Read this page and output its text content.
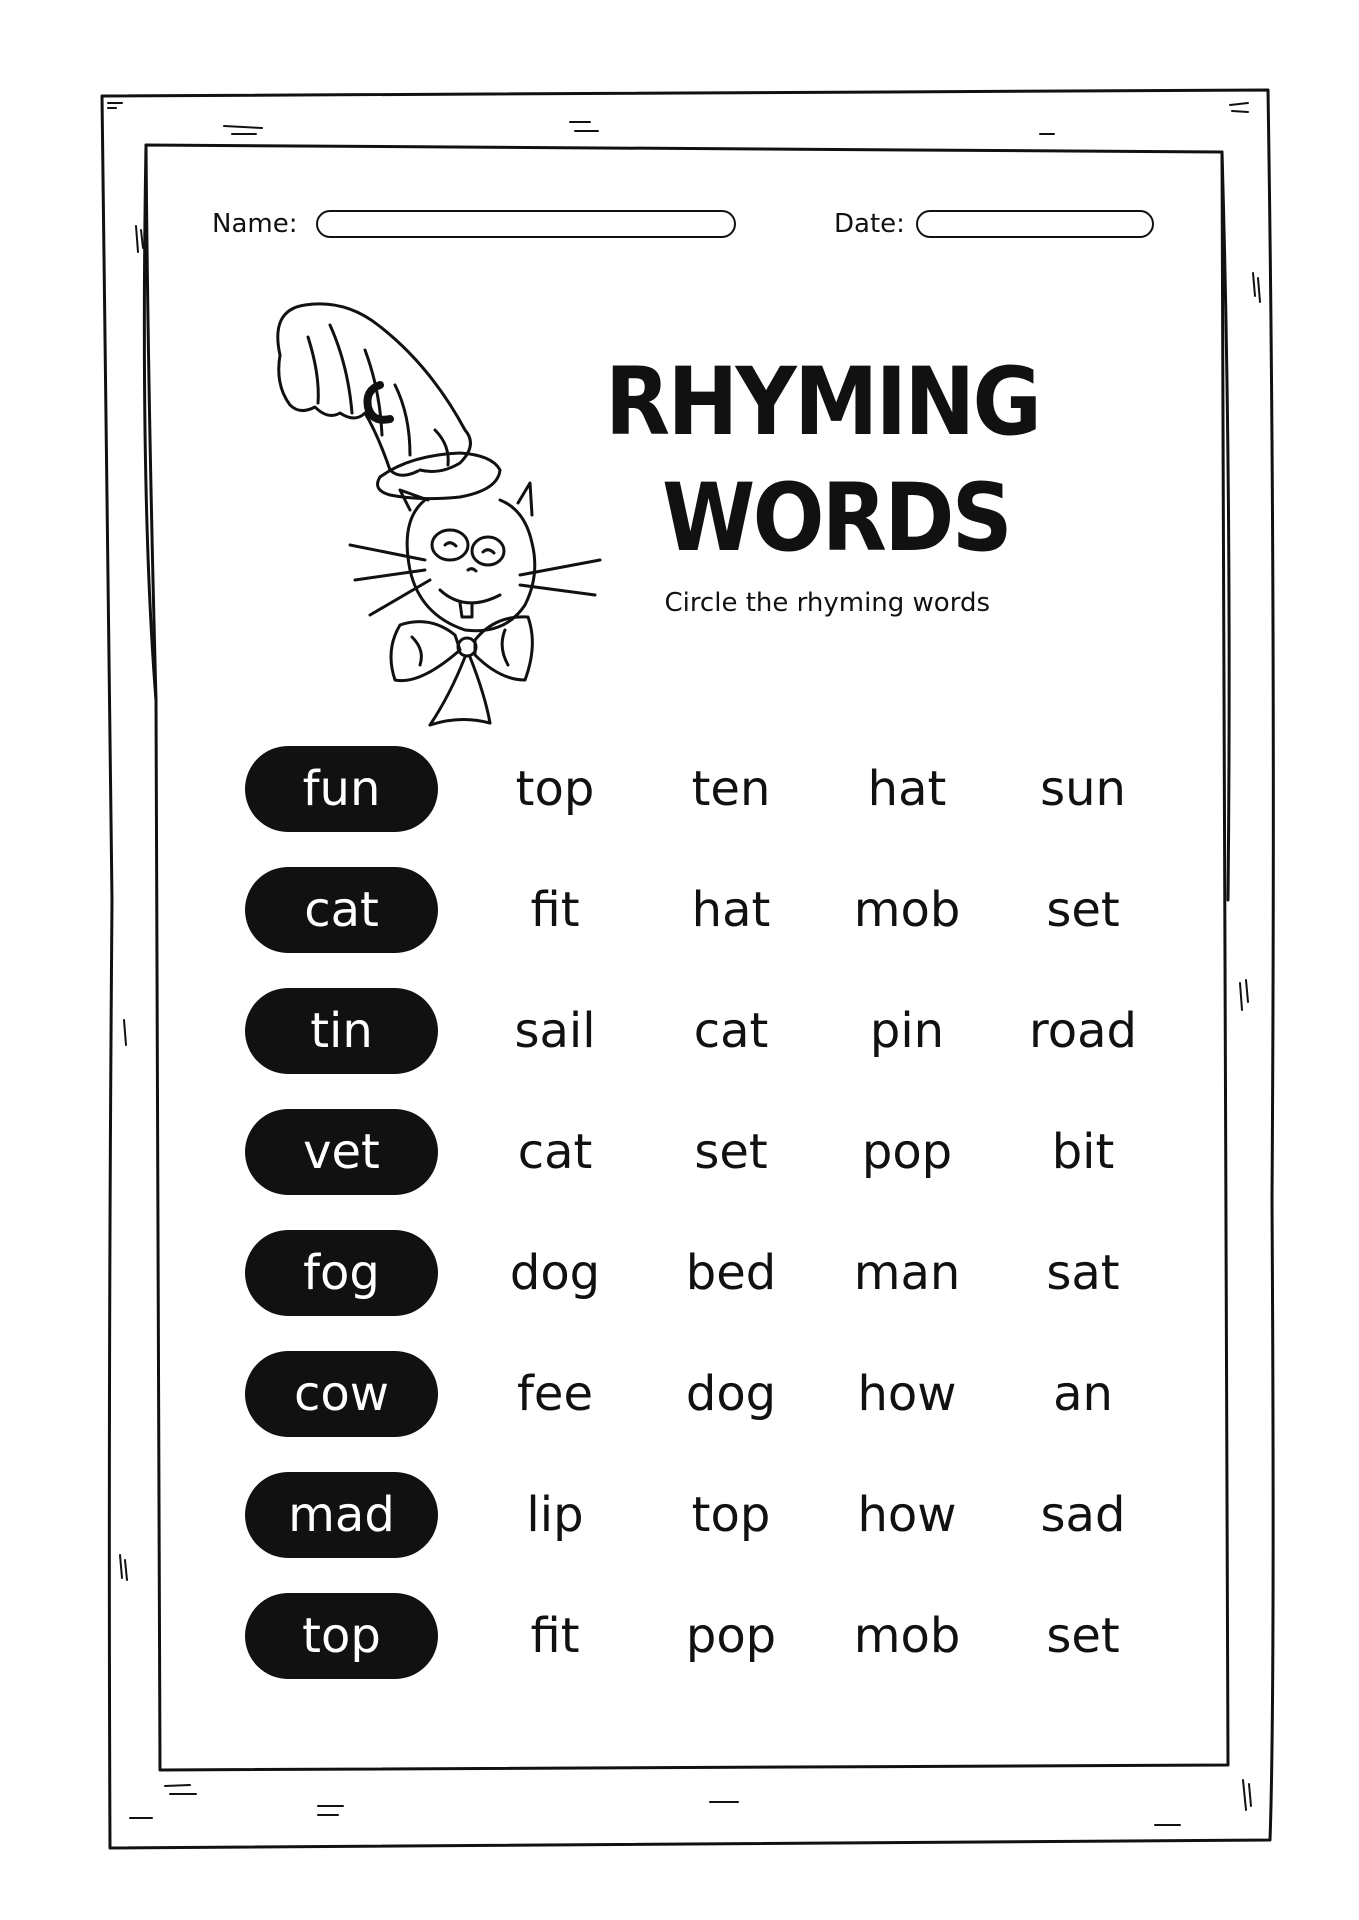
Name:	Date:
RHYMING
WORDS
Circle the rhyming words
fun	top	ten	hat	sun
cat	fit	hat	mob	set
tin	sail	cat	pin	road
vet	cat	set	pop	bit
fog	dog	bed	man	sat
cow	fee	dog	how	an
mad	lip	top	how	sad
top	fit	pop	mob	set
